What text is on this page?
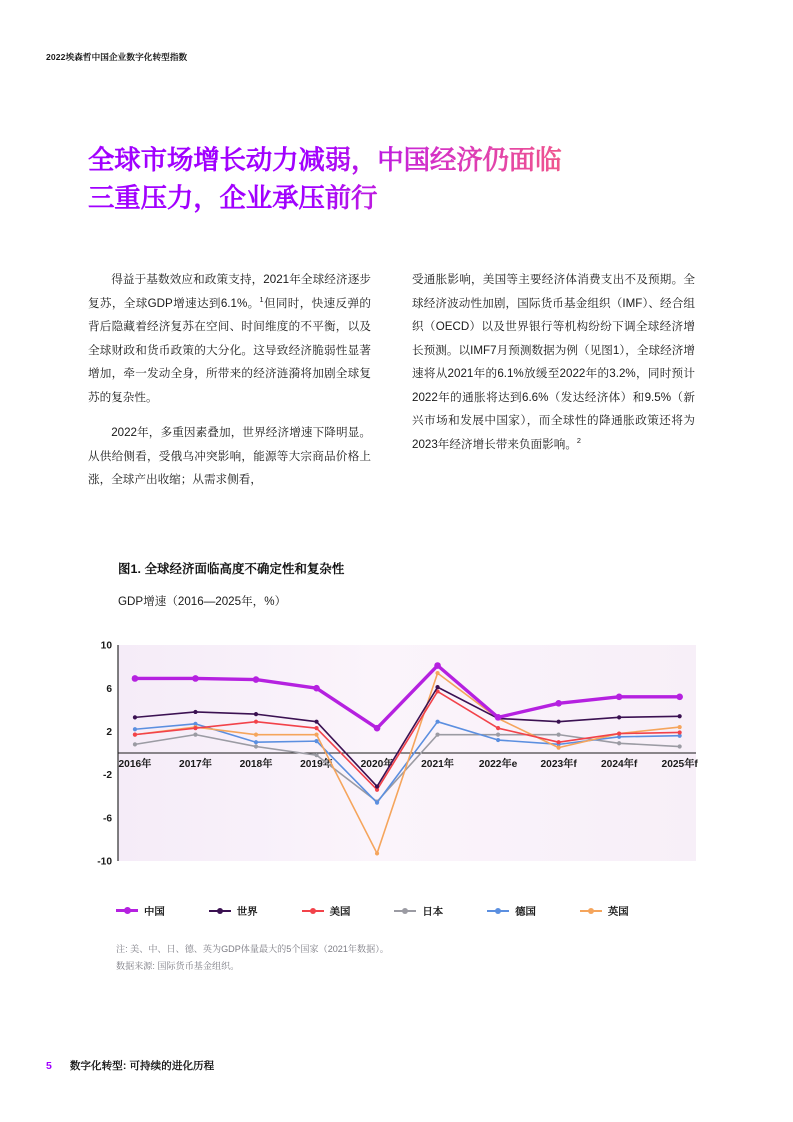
2022埃森哲中国企业数字化转型指数
全球市场增长动力减弱，中国经济仍面临
三重压力，企业承压前行

得益于基数效应和政策支持，2021年全球经济逐步复苏，全球GDP增速达到6.1%。$^1$但同时，快速反弹的背后隐藏着经济复苏在空间、时间维度的不平衡，以及全球财政和货币政策的大分化。这导致经济脆弱性显著增加，牵一发动全身，所带来的经济涟漪将加剧全球复苏的复杂性。

2022年，多重因素叠加，世界经济增速下降明显。从供给侧看，受俄乌冲突影响，能源等大宗商品价格上涨，全球产出收缩；从需求侧看，

受通胀影响，美国等主要经济体消费支出不及预期。全球经济波动性加剧，国际货币基金组织（IMF）、经合组织（OECD）以及世界银行等机构纷纷下调全球经济增长预测。以IMF7月预测数据为例（见图1），全球经济增速将从2021年的6.1%放缓至2022年的3.2%，同时预计2022年的通胀将达到6.6%（发达经济体）和9.5%（新兴市场和发展中国家），而全球性的降通胀政策还将为2023年经济增长带来负面影响。$^2$

图1. 全球经济面临高度不确定性和复杂性
GDP增速（2016—2025年，%）
10
6
2
-2
-6
-10
2016年	2017年	2018年	2019年	2020年	2021年 2022年e 2023年f 2024年f 2025年f
中国	世界	美国	日本	德国	英国
注: 美、中、日、德、英为GDP体量最大的5个国家（2021年数据）。
数据来源: 国际货币基金组织。
5 数字化转型: 可持续的进化历程
